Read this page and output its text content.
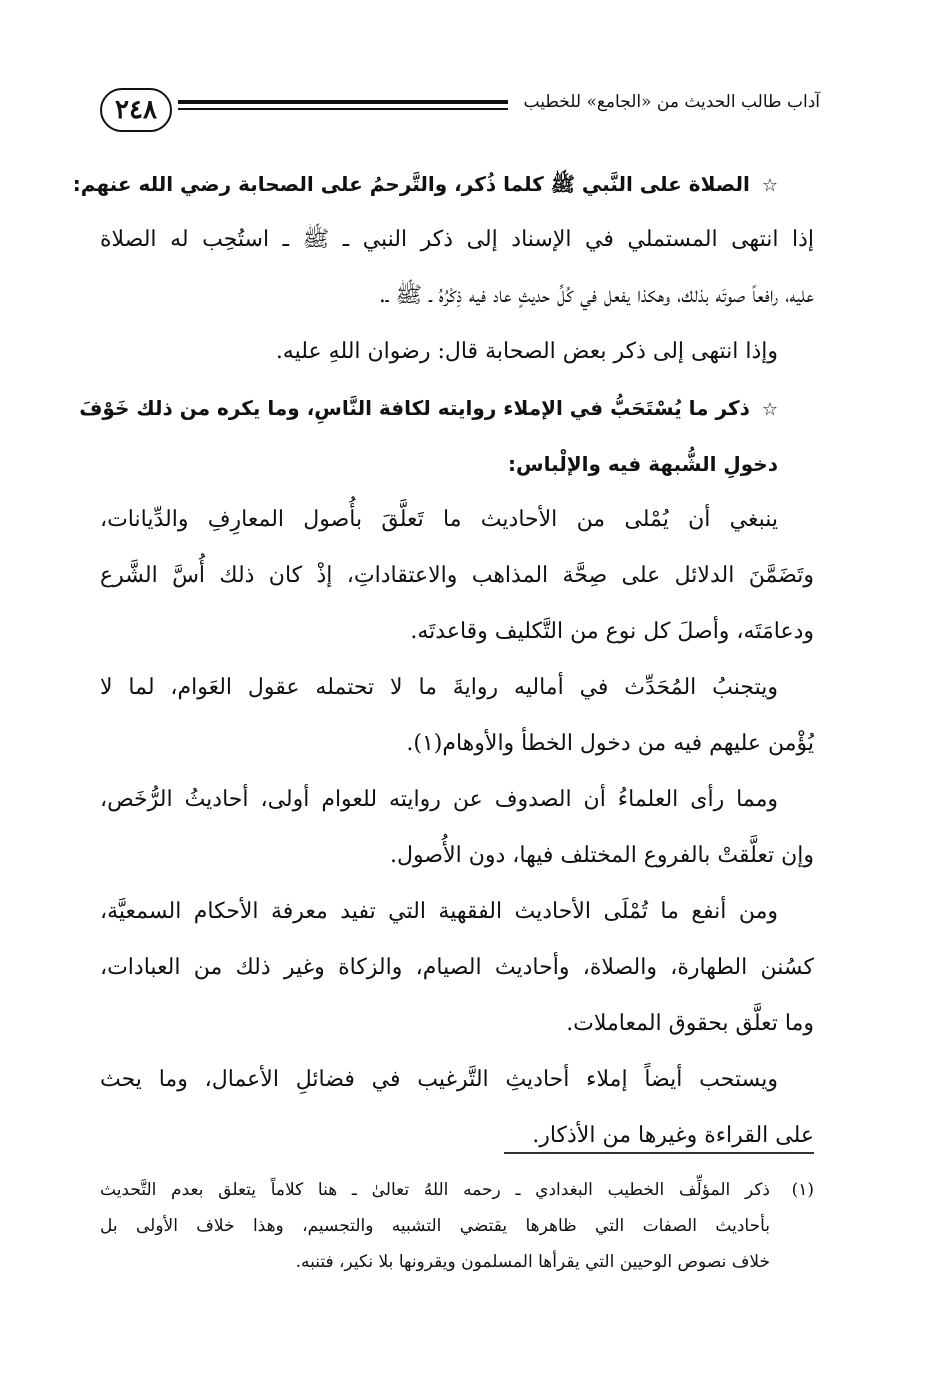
٢٤٨	آداب طالب الحديث من «الجامع» للخطيب
☆الصلاة على النَّبي ﷺ كلما ذُكر، والتَّرحمُ على الصحابة رضي الله عنهم:
إذا انتهى المستملي في الإسناد إلى ذكر النبي ـ ﷺ ـ استُحِب له الصلاة
عليه، رافعاً صوتَه بذلك، وهكذا يفعل في كُلِّ حديثٍ عاد فيه ذِكْرُهُ ـ ﷺ ـ.
وإذا انتهى إلى ذكر بعض الصحابة قال: رضوان اللهِ عليه.
☆ذكر ما يُسْتَحَبُّ في الإملاء روايته لكافة النَّاسِ، وما يكره من ذلك خَوْفَ
دخولِ الشُّبهة فيه والإلْباس:
ينبغي أن يُمْلى من الأحاديث ما تَعلَّقَ بأُصول المعارِفِ والدِّيانات،
وتَضَمَّنَ الدلائل على صِحَّة المذاهب والاعتقاداتِ، إذْ كان ذلك أُسَّ الشَّرع
ودعامَتَه، وأصلَ كل نوع من التَّكليف وقاعدتَه.
ويتجنبُ المُحَدِّث في أماليه روايةَ ما لا تحتمله عقول العَوام، لما لا
يُؤْمن عليهم فيه من دخول الخطأ والأوهام(١).
ومما رأى العلماءُ أن الصدوف عن روايته للعوام أولى، أحاديثُ الرُّخَص،
وإن تعلَّقتْ بالفروع المختلف فيها، دون الأُصول.
ومن أنفع ما تُمْلَى الأحاديث الفقهية التي تفيد معرفة الأحكام السمعيَّة،
كسُنن الطهارة، والصلاة، وأحاديث الصيام، والزكاة وغير ذلك من العبادات،
وما تعلَّق بحقوق المعاملات.
ويستحب أيضاً إملاء أحاديثِ التَّرغيب في فضائلِ الأعمال، وما يحث
على القراءة وغيرها من الأذكار.
(١)ذكر المؤلِّف الخطيب البغدادي ـ رحمه اللهُ تعالىٰ ـ هنا كلاماً يتعلق بعدم التَّحديث
بأحاديث الصفات التي ظاهرها يقتضي التشبيه والتجسيم، وهذا خلاف الأولى بل
خلاف نصوص الوحيين التي يقرأها المسلمون ويقرونها بلا نكير، فتنبه.
